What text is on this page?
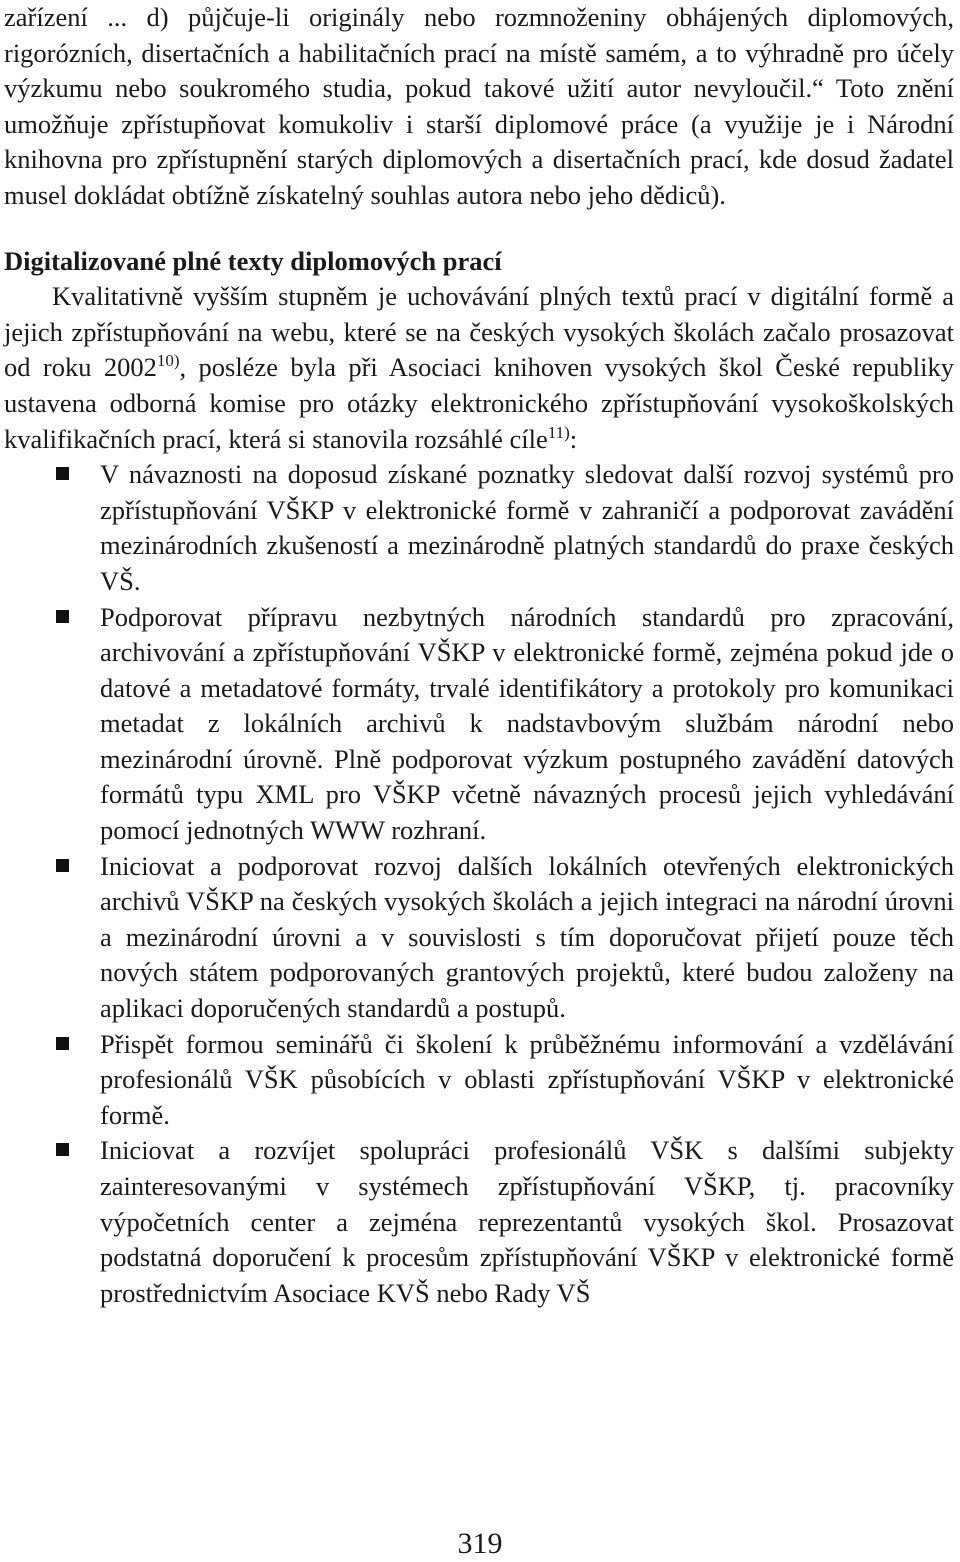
zařízení ... d) půjčuje-li originály nebo rozmnoženiny obhájených diplomových, rigorózních, disertačních a habilitačních prací na místě samém, a to výhradně pro účely výzkumu nebo soukromého studia, pokud takové užití autor nevyloučil.“ Toto znění umožňuje zpřístupňovat komukoliv i starší diplomové práce (a využije je i Národní knihovna pro zpřístupnění starých diplomových a disertačních prací, kde dosud žadatel musel dokládat obtížně získatelný souhlas autora nebo jeho dědiců).

Digitalizované plné texty diplomových prací

Kvalitativně vyšším stupněm je uchovávání plných textů prací v digitální formě a jejich zpřístupňování na webu, které se na českých vysokých školách začalo prosazovat od roku 2002$^{10)}$, posléze byla při Asociaci knihoven vysokých škol České republiky ustavena odborná komise pro otázky elektronického zpřístupňování vysokoškolských kvalifikačních prací, která si stanovila rozsáhlé cíle$^{11)}$:

V návaznosti na doposud získané poznatky sledovat další rozvoj systémů pro zpřístupňování VŠKP v elektronické formě v zahraničí a podporovat zavádění mezinárodních zkušeností a mezinárodně platných standardů do praxe českých VŠ.
Podporovat přípravu nezbytných národních standardů pro zpracování, archivování a zpřístupňování VŠKP v elektronické formě, zejména pokud jde o datové a metadatové formáty, trvalé identifikátory a protokoly pro komunikaci metadat z lokálních archivů k nadstavbovým službám národní nebo mezinárodní úrovně. Plně podporovat výzkum postupného zavádění datových formátů typu XML pro VŠKP včetně návazných procesů jejich vyhledávání pomocí jednotných WWW rozhraní.
Iniciovat a podporovat rozvoj dalších lokálních otevřených elektronických archivů VŠKP na českých vysokých školách a jejich integraci na národní úrovni a mezinárodní úrovni a v souvislosti s tím doporučovat přijetí pouze těch nových státem podporovaných grantových projektů, které budou založeny na aplikaci doporučených standardů a postupů.
Přispět formou seminářů či školení k průběžnému informování a vzdělávání profesionálů VŠK působících v oblasti zpřístupňování VŠKP v elektronické formě.
Iniciovat a rozvíjet spolupráci profesionálů VŠK s dalšími subjekty zainteresovanými v systémech zpřístupňování VŠKP, tj. pracovníky výpočetních center a zejména reprezentantů vysokých škol. Prosazovat podstatná doporučení k procesům zpřístupňování VŠKP v elektronické formě prostřednictvím Asociace KVŠ nebo Rady VŠ
319
